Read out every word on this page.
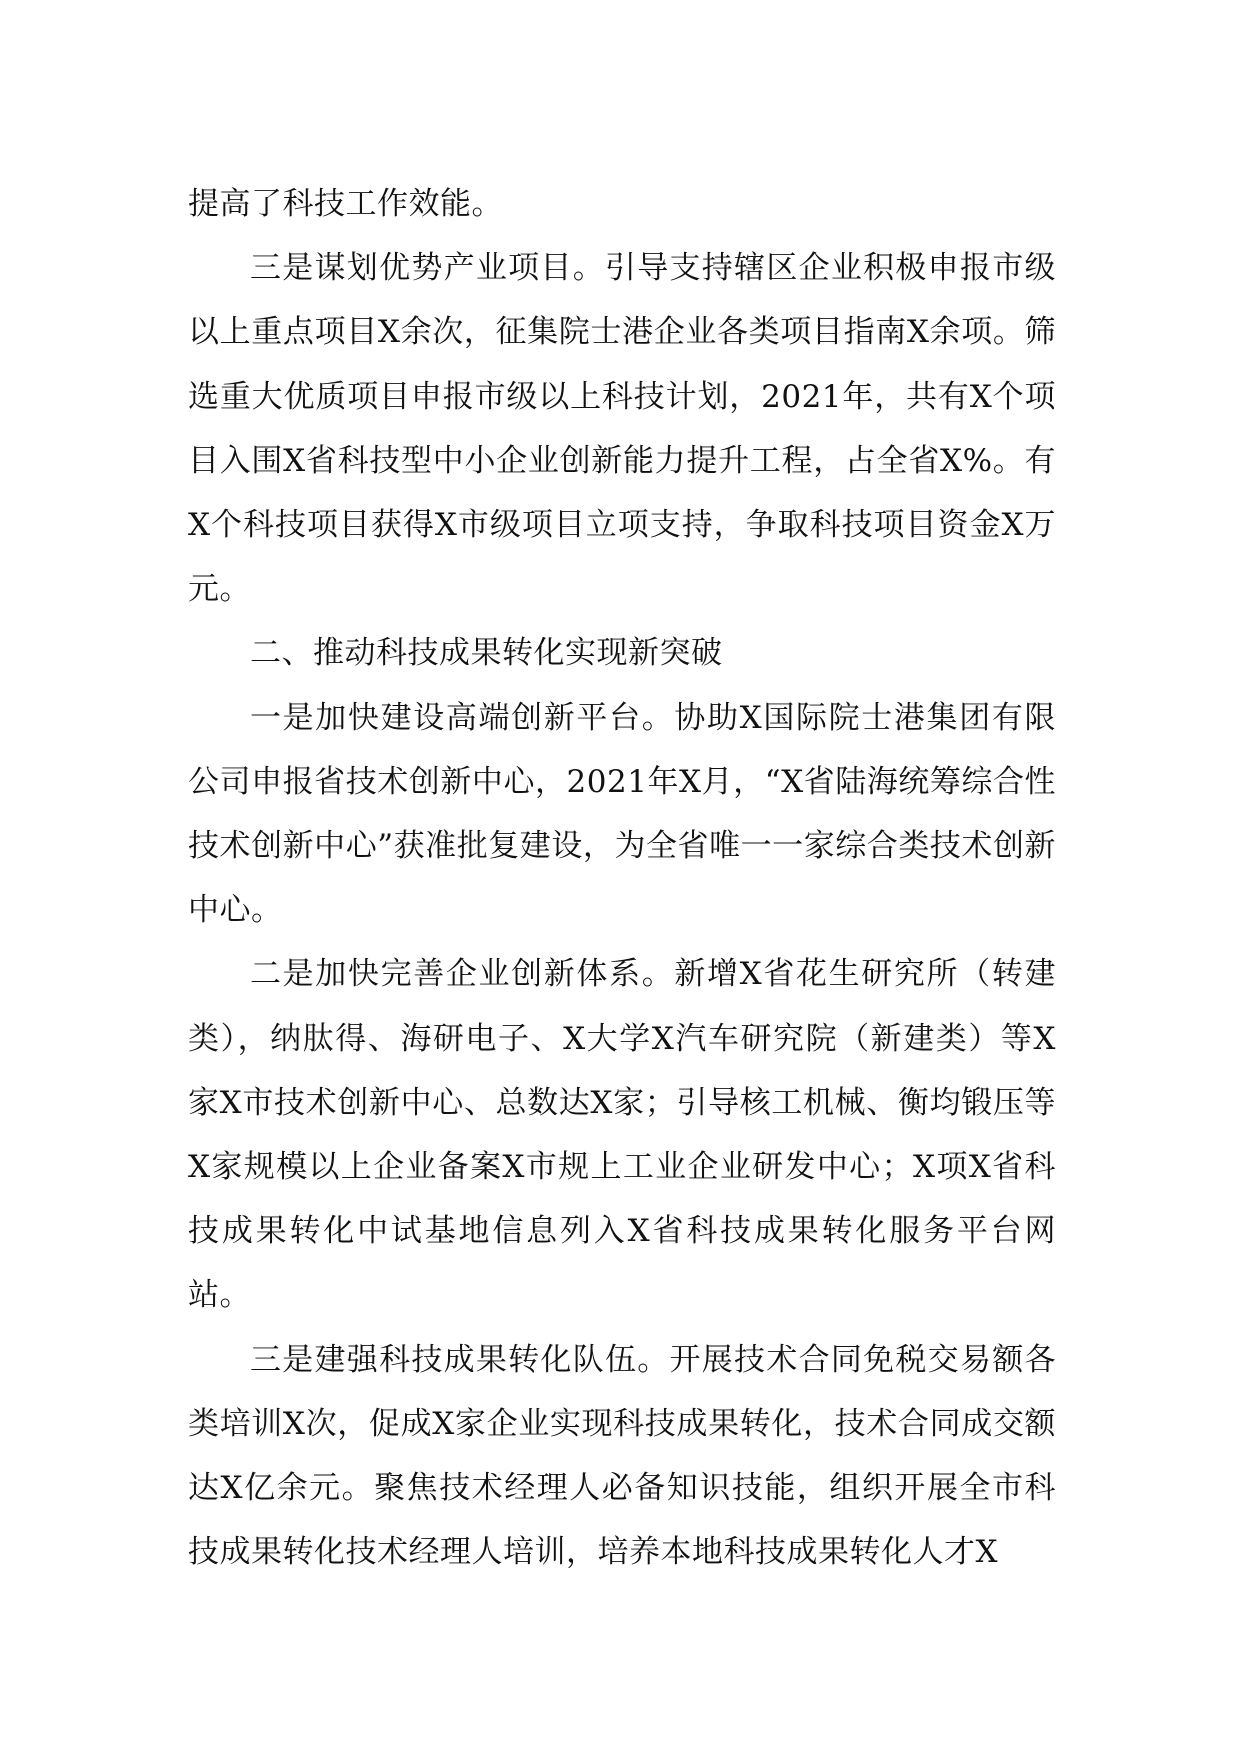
提高了科技工作效能。

三是谋划优势产业项目。引导支持辖区企业积极申报市级以上重点项目X余次，征集院士港企业各类项目指南X余项。筛选重大优质项目申报市级以上科技计划，2021年，共有X个项目入围X省科技型中小企业创新能力提升工程，占全省X%。有X个科技项目获得X市级项目立项支持，争取科技项目资金X万元。

二、推动科技成果转化实现新突破

一是加快建设高端创新平台。协助X国际院士港集团有限公司申报省技术创新中心，2021年X月，“X省陆海统筹综合性技术创新中心”获准批复建设，为全省唯一一家综合类技术创新中心。

二是加快完善企业创新体系。新增X省花生研究所（转建类），纳肽得、海研电子、X大学X汽车研究院（新建类）等X家X市技术创新中心、总数达X家；引导核工机械、衡均锻压等X家规模以上企业备案X市规上工业企业研发中心；X项X省科技成果转化中试基地信息列入X省科技成果转化服务平台网站。

三是建强科技成果转化队伍。开展技术合同免税交易额各类培训X次，促成X家企业实现科技成果转化，技术合同成交额达X亿余元。聚焦技术经理人必备知识技能，组织开展全市科技成果转化技术经理人培训，培养本地科技成果转化人才X
